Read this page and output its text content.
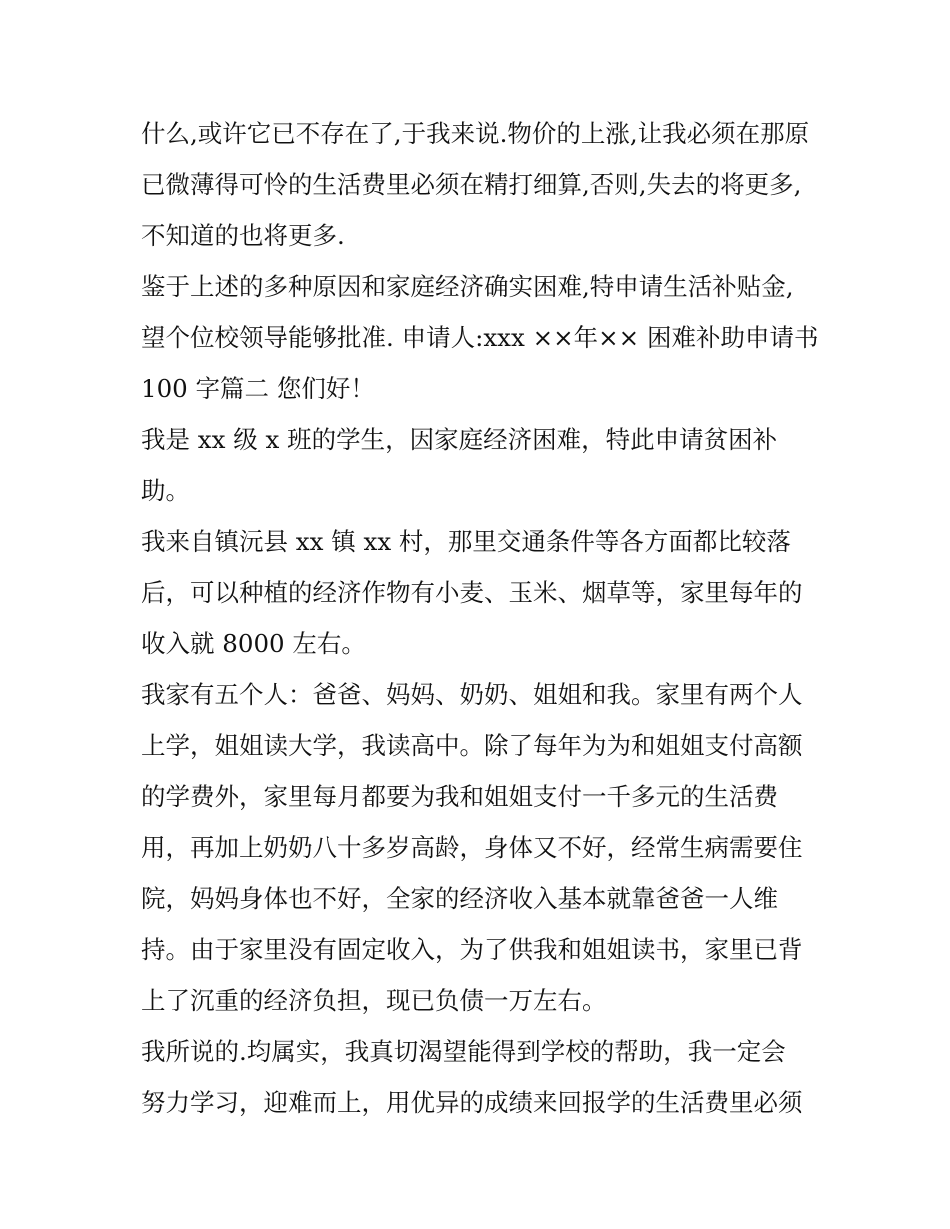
什么,或许它已不存在了,于我来说.物价的上涨,让我必须在那原
已微薄得可怜的生活费里必须在精打细算,否则,失去的将更多,
不知道的也将更多.
鉴于上述的多种原因和家庭经济确实困难,特申请生活补贴金,
望个位校领导能够批准. 申请人:xxx ××年×× 困难补助申请书
100 字篇二 您们好！
我是 xx 级 x 班的学生，因家庭经济困难，特此申请贫困补
助。
我来自镇沅县 xx 镇 xx 村，那里交通条件等各方面都比较落
后，可以种植的经济作物有小麦、玉米、烟草等，家里每年的
收入就 8000 左右。
我家有五个人：爸爸、妈妈、奶奶、姐姐和我。家里有两个人
上学，姐姐读大学，我读高中。除了每年为为和姐姐支付高额
的学费外，家里每月都要为我和姐姐支付一千多元的生活费
用，再加上奶奶八十多岁高龄，身体又不好，经常生病需要住
院，妈妈身体也不好，全家的经济收入基本就靠爸爸一人维
持。由于家里没有固定收入，为了供我和姐姐读书，家里已背
上了沉重的经济负担，现已负债一万左右。
我所说的.均属实，我真切渴望能得到学校的帮助，我一定会
努力学习，迎难而上，用优异的成绩来回报学的生活费里必须
